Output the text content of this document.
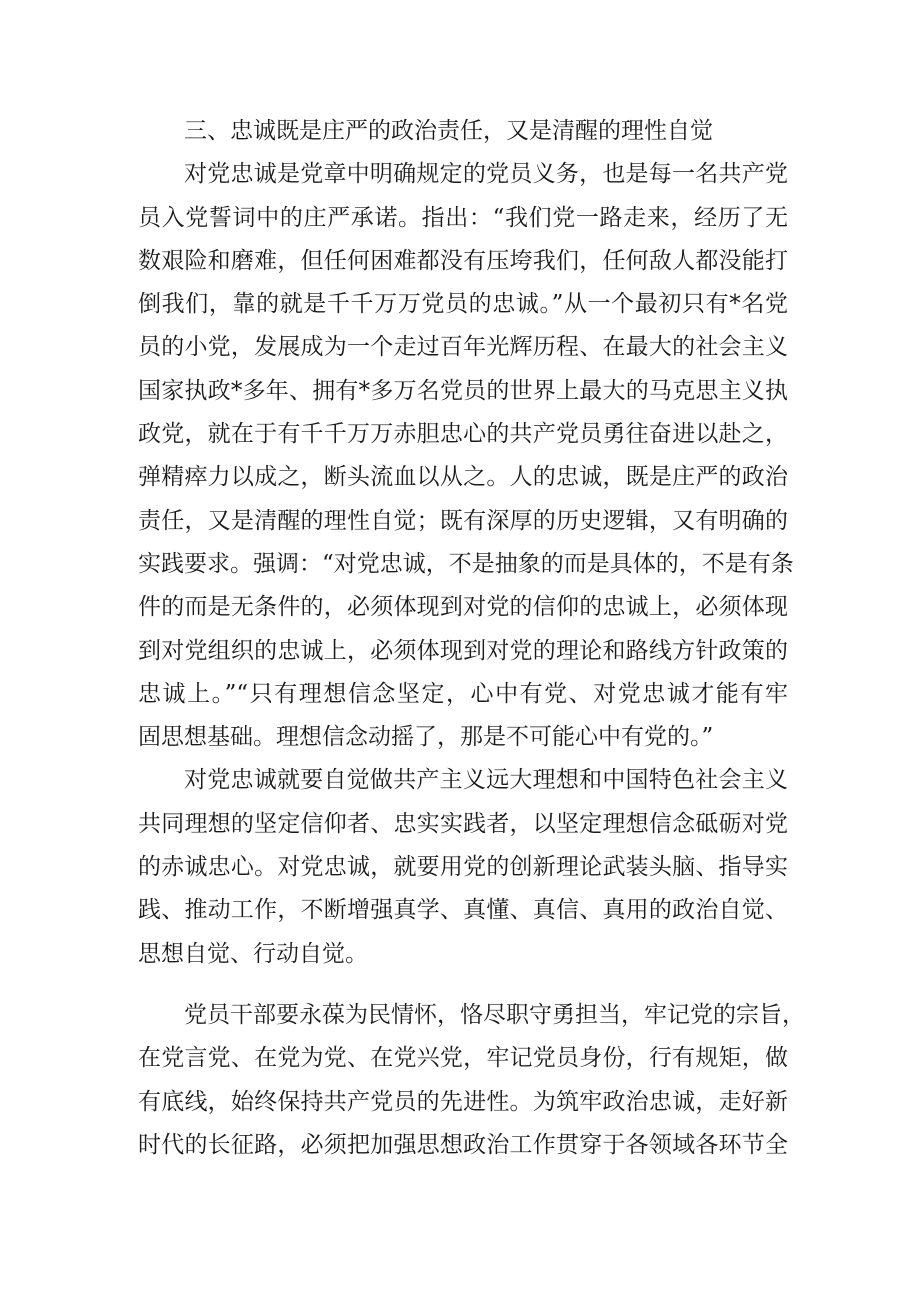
三、忠诚既是庄严的政治责任，又是清醒的理性自觉
对党忠诚是党章中明确规定的党员义务，也是每一名共产党
员入党誓词中的庄严承诺。指出：“我们党一路走来，经历了无
数艰险和磨难，但任何困难都没有压垮我们，任何敌人都没能打
倒我们，靠的就是千千万万党员的忠诚。”从一个最初只有*名党
员的小党，发展成为一个走过百年光辉历程、在最大的社会主义
国家执政*多年、拥有*多万名党员的世界上最大的马克思主义执
政党，就在于有千千万万赤胆忠心的共产党员勇往奋进以赴之，
弹精瘁力以成之，断头流血以从之。人的忠诚，既是庄严的政治
责任，又是清醒的理性自觉；既有深厚的历史逻辑，又有明确的
实践要求。强调：“对党忠诚，不是抽象的而是具体的，不是有条
件的而是无条件的，必须体现到对党的信仰的忠诚上，必须体现
到对党组织的忠诚上，必须体现到对党的理论和路线方针政策的
忠诚上。”“只有理想信念坚定，心中有党、对党忠诚才能有牢
固思想基础。理想信念动摇了，那是不可能心中有党的。”
对党忠诚就要自觉做共产主义远大理想和中国特色社会主义
共同理想的坚定信仰者、忠实实践者，以坚定理想信念砥砺对党
的赤诚忠心。对党忠诚，就要用党的创新理论武装头脑、指导实
践、推动工作，不断增强真学、真懂、真信、真用的政治自觉、
思想自觉、行动自觉。
党员干部要永葆为民情怀，恪尽职守勇担当，牢记党的宗旨，
在党言党、在党为党、在党兴党，牢记党员身份，行有规矩，做
有底线，始终保持共产党员的先进性。为筑牢政治忠诚，走好新
时代的长征路，必须把加强思想政治工作贯穿于各领域各环节全
